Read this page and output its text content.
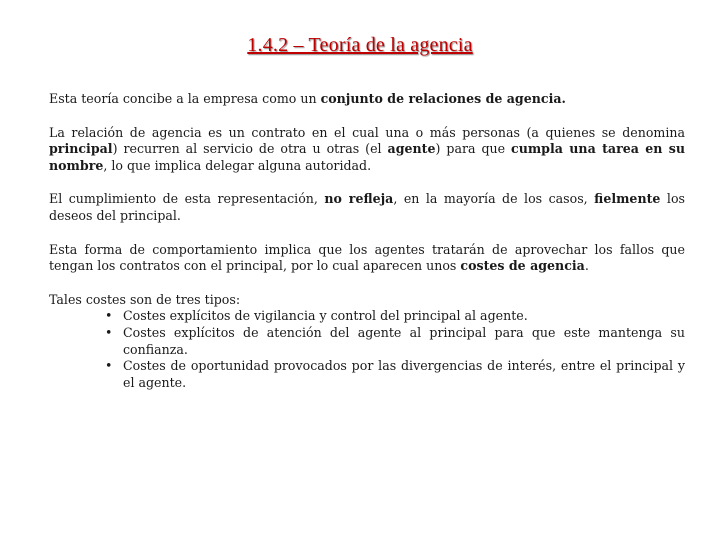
1.4.2 – Teoría de la agencia

Esta teoría concibe a la empresa como un conjunto de relaciones de agencia.

La relación de agencia es un contrato en el cual una o más personas (a quienes se denomina principal) recurren al servicio de otra u otras (el agente) para que cumpla una tarea en su nombre, lo que implica delegar alguna autoridad.

El cumplimiento de esta representación, no refleja, en la mayoría de los casos, fielmente los deseos del principal.

Esta forma de comportamiento implica que los agentes tratarán de aprovechar los fallos que tengan los contratos con el principal, por lo cual aparecen unos costes de agencia.

Tales costes son de tres tipos:
• Costes explícitos de vigilancia y control del principal al agente.
• Costes explícitos de atención del agente al principal para que este mantenga su confianza.
• Costes de oportunidad provocados por las divergencias de interés, entre el principal y el agente.
